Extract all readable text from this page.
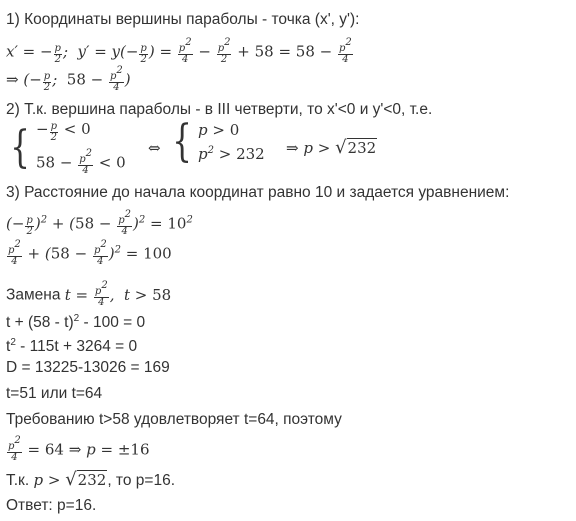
1) Координаты вершины параболы - точка (x', y'):
x′ = − $\frac{p}{2}$ ;  $y' = y(- \frac{p}{2}$ ) = $\frac{p2}{4} - \frac{p2}{2} + 58 = 58 - \frac{p2}{4}$
⇒ (− $\frac{p}{2}$ ;  $58 - \frac{p2}{4}$ )
2) Т.к. вершина параболы - в III четверти, то x'<0 и y'<0, т.е.
{ − $\frac{p}{2} < 0$
$58 - \frac{p2}{4} < 0$
⇔ { p > 0
$p^2 > 232$ ⇒ p > √232
3) Расстояние до начала координат равно 10 и задается уравнением:
(− $\frac{p}{2} )^2 + (58 - \frac{p2}{4} )^2 = 10^2$
$\frac{p2}{4} + (58 - \frac{p2}{4} )^2 = 100$
Замена $t = \frac{p2}{4}$ ,  t > 58
t + (58 - t)$^2$ - 100 = 0
$t^2 - 115t + 3264 = 0$
D = 13225-13026 = 169
t=51 или t=64
Требованию t>58 удовлетворяет t=64, поэтому
$\frac{p2}{4} = 64$ ⇒ p = ±16
Т.к. p > √232, то p=16.
Ответ: p=16.
